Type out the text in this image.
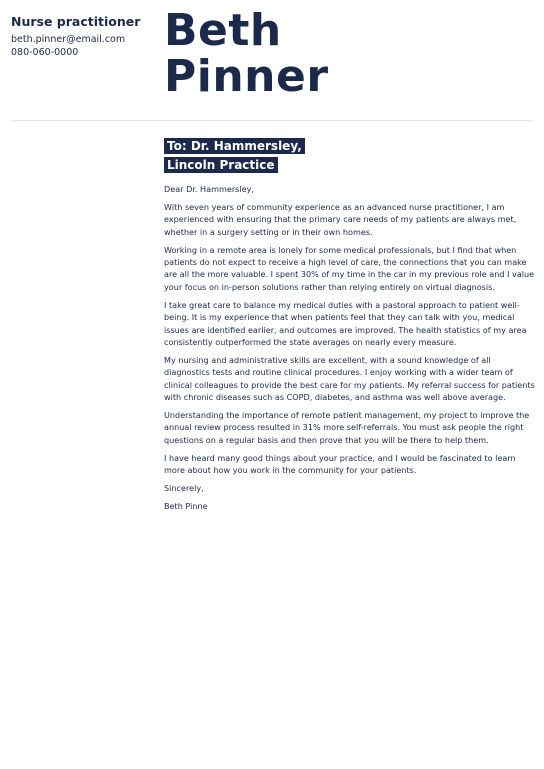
Nurse practitioner
beth.pinner@email.com
080-060-0000	Beth
Pinner
To: Dr. Hammersley,
Lincoln Practice

Dear Dr. Hammersley,

With seven years of community experience as an advanced nurse practitioner, I am experienced with ensuring that the primary care needs of my patients are always met, whether in a surgery setting or in their own homes.

Working in a remote area is lonely for some medical professionals, but I find that when patients do not expect to receive a high level of care, the connections that you can make are all the more valuable. I spent 30% of my time in the car in my previous role and I value your focus on in-person solutions rather than relying entirely on virtual diagnosis.

I take great care to balance my medical duties with a pastoral approach to patient well-being. It is my experience that when patients feel that they can talk with you, medical issues are identified earlier, and outcomes are improved. The health statistics of my area consistently outperformed the state averages on nearly every measure.

My nursing and administrative skills are excellent, with a sound knowledge of all diagnostics tests and routine clinical procedures. I enjoy working with a wider team of clinical colleagues to provide the best care for my patients. My referral success for patients with chronic diseases such as COPD, diabetes, and asthma was well above average.

Understanding the importance of remote patient management, my project to improve the annual review process resulted in 31% more self-referrals. You must ask people the right questions on a regular basis and then prove that you will be there to help them.

I have heard many good things about your practice, and I would be fascinated to learn more about how you work in the community for your patients.

Sincerely,

Beth Pinne
